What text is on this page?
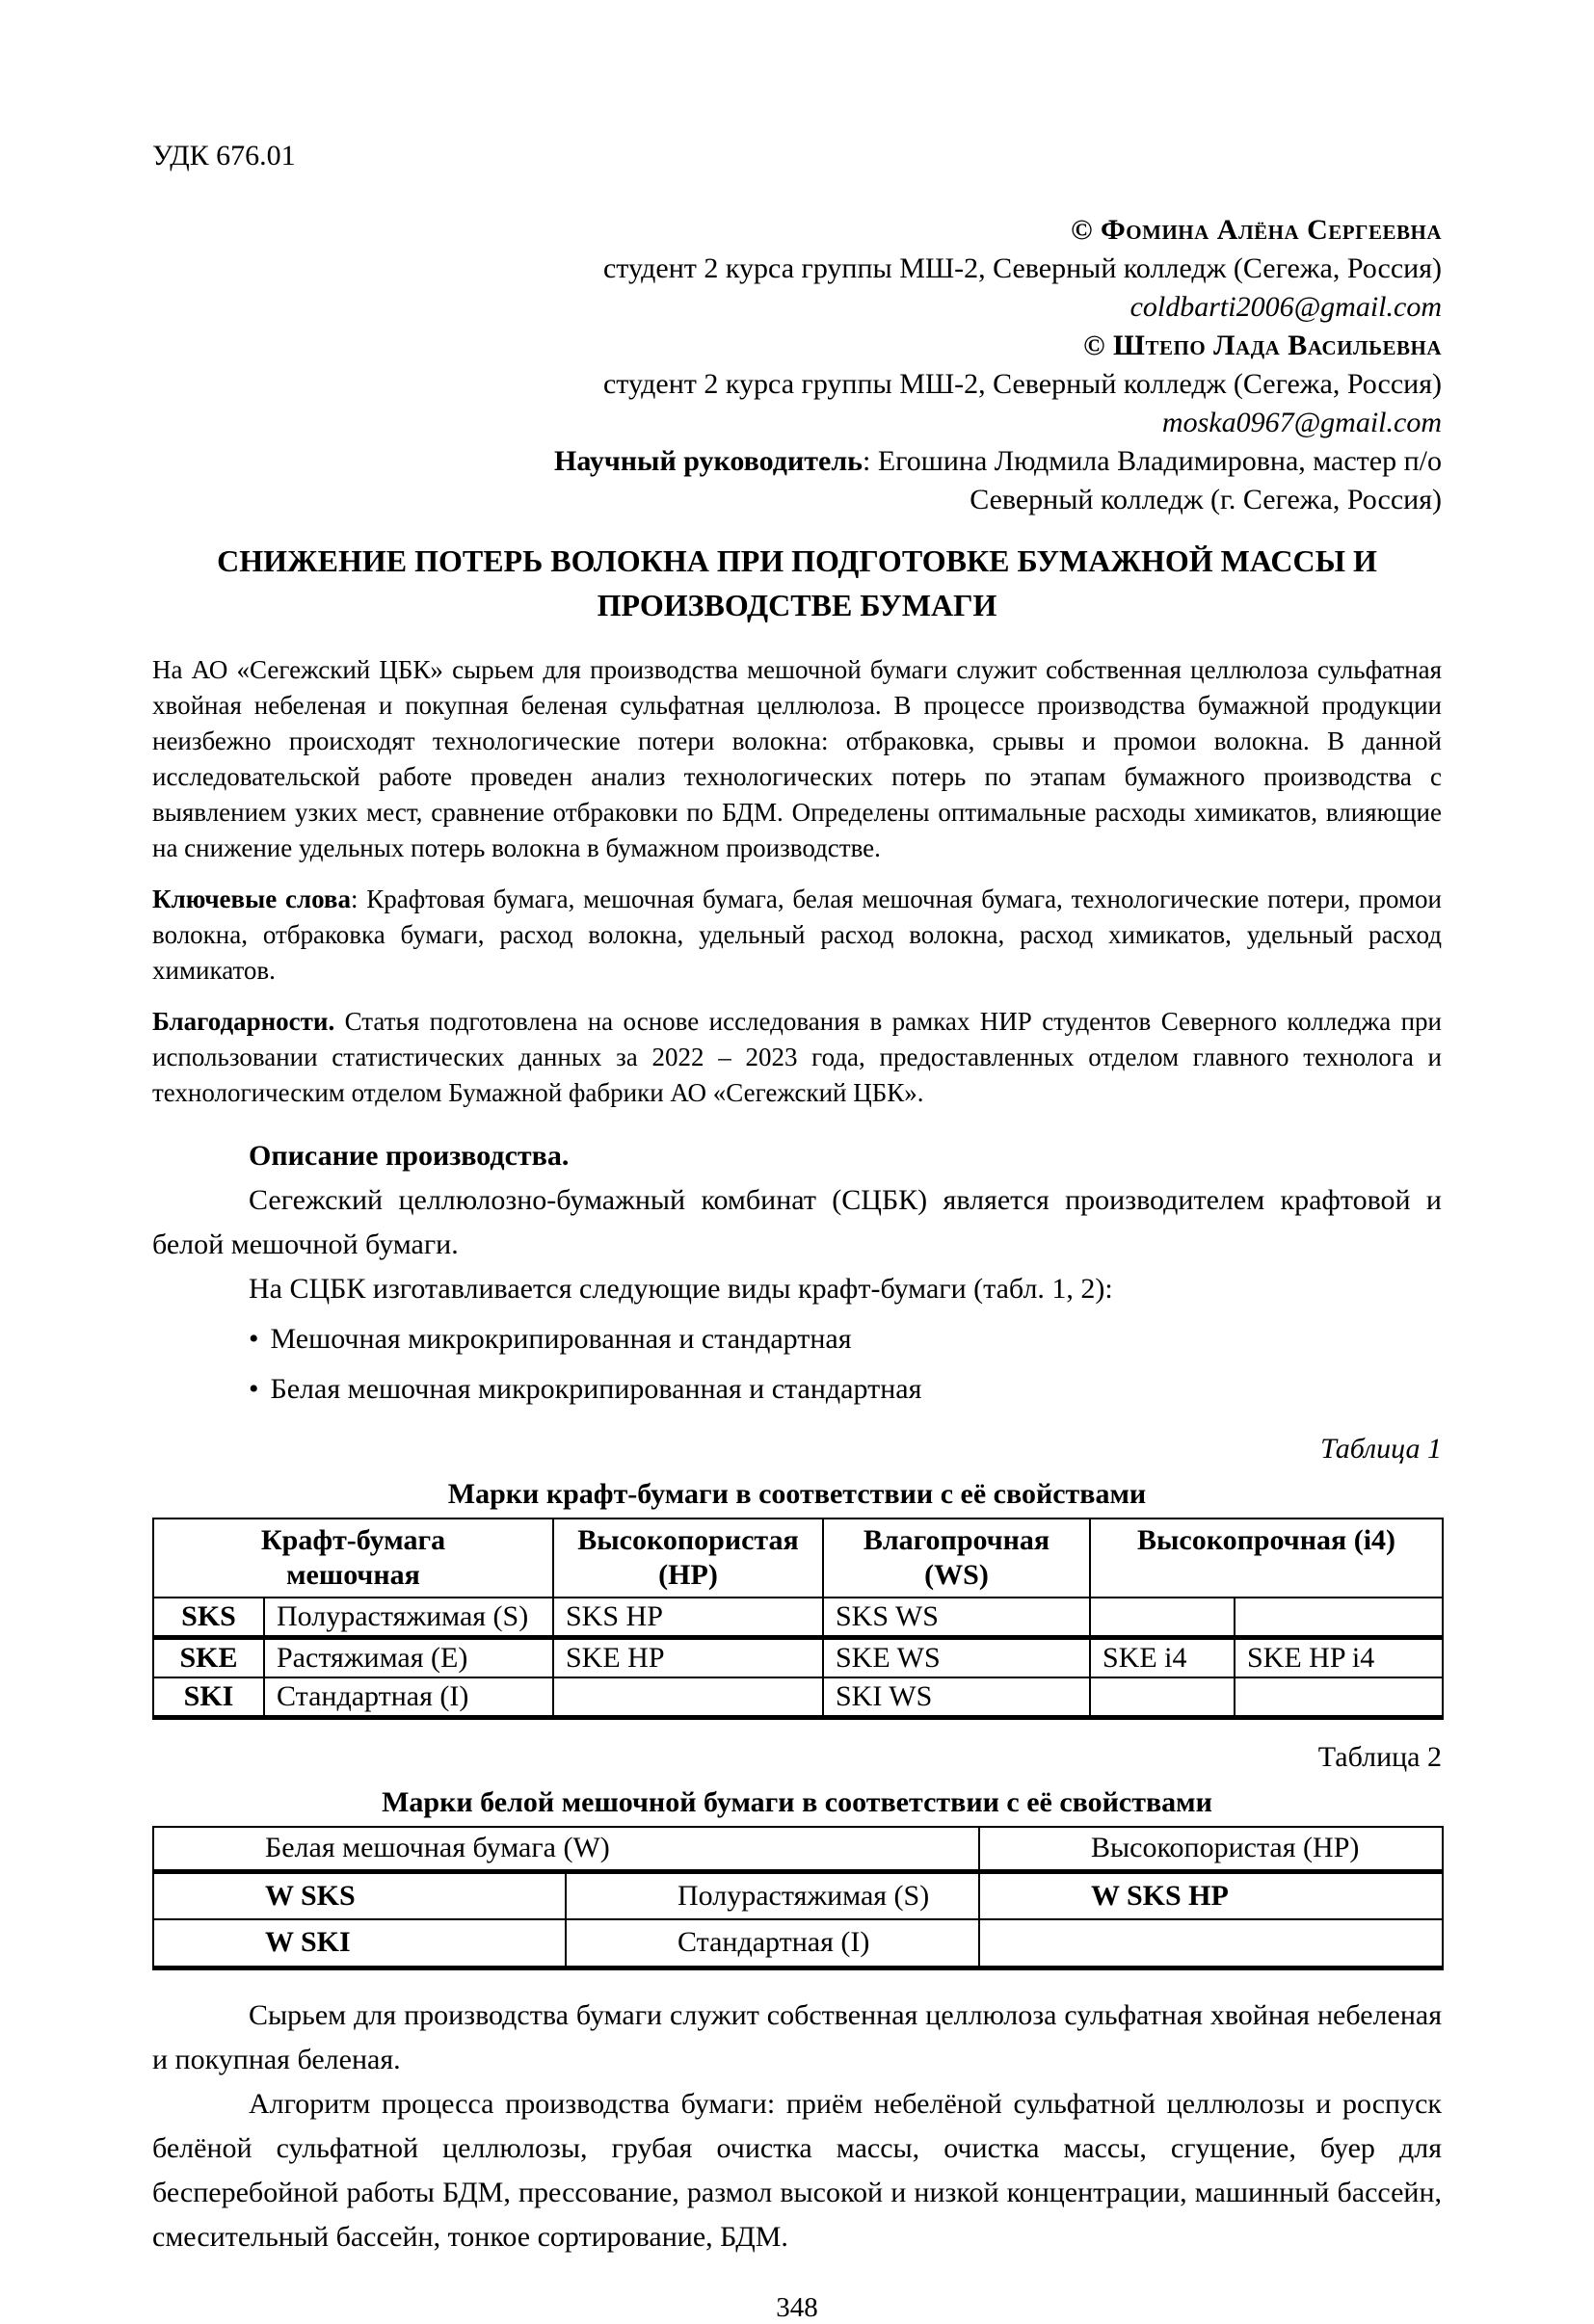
УДК 676.01
© Фомина Алёна Сергеевна
студент 2 курса группы МШ-2, Северный колледж (Сегежа, Россия)
coldbarti2006@gmail.com
© Штепо Лада Васильевна
студент 2 курса группы МШ-2, Северный колледж (Сегежа, Россия)
moska0967@gmail.com
Научный руководитель: Егошина Людмила Владимировна, мастер п/о
Северный колледж (г. Сегежа, Россия)
СНИЖЕНИЕ ПОТЕРЬ ВОЛОКНА ПРИ ПОДГОТОВКЕ БУМАЖНОЙ МАССЫ И ПРОИЗВОДСТВЕ БУМАГИ

На АО «Сегежский ЦБК» сырьем для производства мешочной бумаги служит собственная целлюлоза сульфатная хвойная небеленая и покупная беленая сульфатная целлюлоза. В процессе производства бумажной продукции неизбежно происходят технологические потери волокна: отбраковка, срывы и промои волокна. В данной исследовательской работе проведен анализ технологических потерь по этапам бумажного производства с выявлением узких мест, сравнение отбраковки по БДМ. Определены оптимальные расходы химикатов, влияющие на снижение удельных потерь волокна в бумажном производстве.

Ключевые слова: Крафтовая бумага, мешочная бумага, белая мешочная бумага, технологические потери, промои волокна, отбраковка бумаги, расход волокна, удельный расход волокна, расход химикатов, удельный расход химикатов.

Благодарности. Статья подготовлена на основе исследования в рамках НИР студентов Северного колледжа при использовании статистических данных за 2022 – 2023 года, предоставленных отделом главного технолога и технологическим отделом Бумажной фабрики АО «Сегежский ЦБК».

Описание производства.

Сегежский целлюлозно-бумажный комбинат (СЦБК) является производителем крафтовой и белой мешочной бумаги.

На СЦБК изготавливается следующие виды крафт-бумаги (табл. 1, 2):

• Мешочная микрокрипированная и стандартная
• Белая мешочная микрокрипированная и стандартная
Таблица 1
Марки крафт-бумаги в соответствии с её свойствами
Крафт-бумага мешочная		Высокопористая (HP)	Влагопрочная (WS)	Высокопрочная (i4)	
SKS	Полурастяжимая (S)	SKS HP	SKS WS		
SKE	Растяжимая (E)	SKE HP	SKE WS	SKE i4	SKE HP i4
SKI	Стандартная (I)		SKI WS		
Таблица 2
Марки белой мешочной бумаги в соответствии с её свойствами
Белая мешочная бумага (W)		Высокопористая (HP)
W SKS	Полурастяжимая (S)	W SKS HP
W SKI	Стандартная (I)	

Сырьем для производства бумаги служит собственная целлюлоза сульфатная хвойная небеленая и покупная беленая.

Алгоритм процесса производства бумаги: приём небелёной сульфатной целлюлозы и роспуск белёной сульфатной целлюлозы, грубая очистка массы, очистка массы, сгущение, буер для бесперебойной работы БДМ, прессование, размол высокой и низкой концентрации, машинный бассейн, смесительный бассейн, тонкое сортирование, БДМ.

348
